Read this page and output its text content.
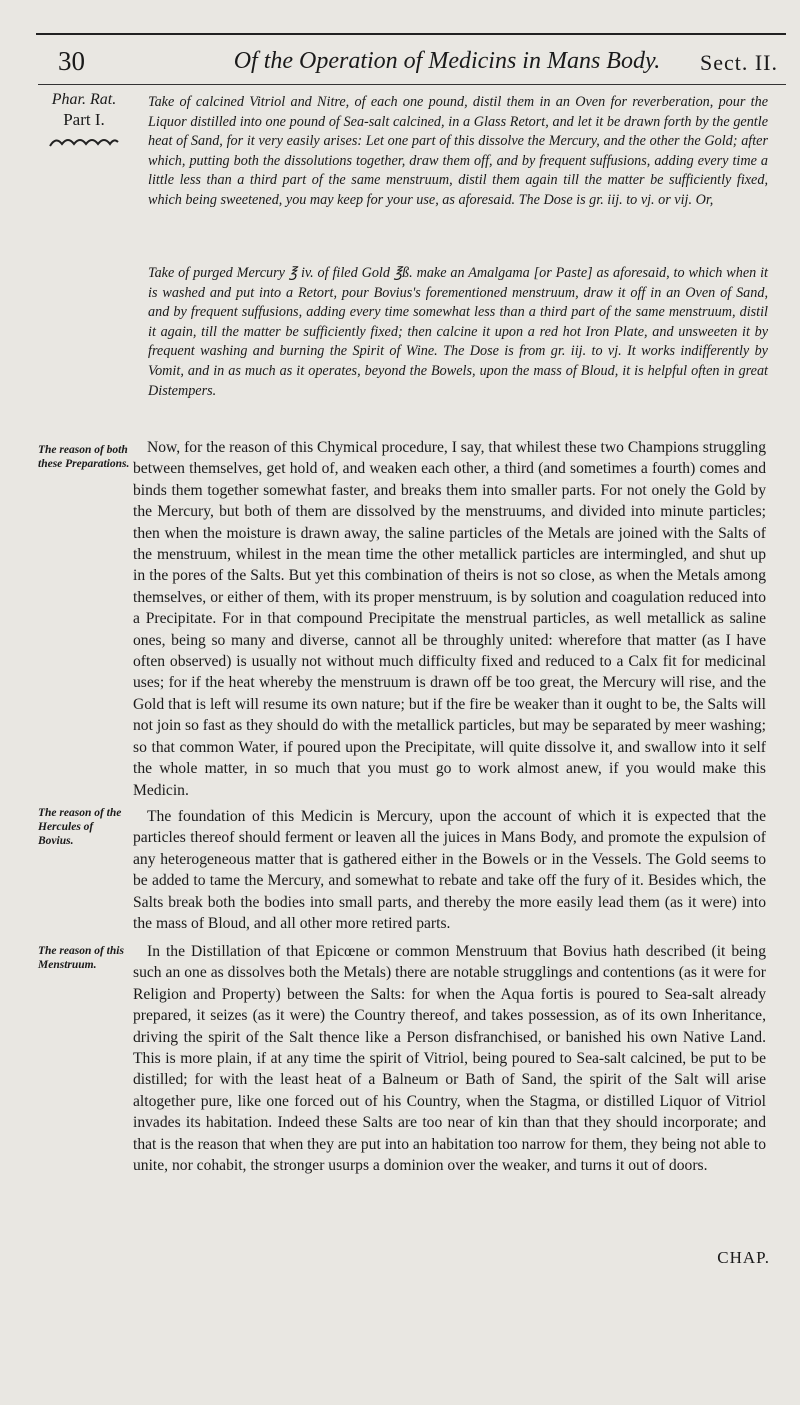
30	Of the Operation of Medicins in Mans Body.	Sect. II.
Phar. Rat.
Part I.

Take of calcined Vitriol and Nitre, of each one pound, distil them in an Oven for reverberation, pour the Liquor distilled into one pound of Sea-salt calcined, in a Glass Retort, and let it be drawn forth by the gentle heat of Sand, for it very easily arises: Let one part of this dissolve the Mercury, and the other the Gold; after which, putting both the dissolutions together, draw them off, and by frequent suffusions, adding every time a little less than a third part of the same menstruum, distil them again till the matter be sufficiently fixed, which being sweetened, you may keep for your use, as aforesaid. The Dose is gr. iij. to vj. or vij. Or,

Take of purged Mercury ℥ iv. of filed Gold ℥ß. make an Amalgama [or Paste] as aforesaid, to which when it is washed and put into a Retort, pour Bovius's forementioned menstruum, draw it off in an Oven of Sand, and by frequent suffusions, adding every time somewhat less than a third part of the same menstruum, distil it again, till the matter be sufficiently fixed; then calcine it upon a red hot Iron Plate, and unsweeten it by frequent washing and burning the Spirit of Wine. The Dose is from gr. iij. to vj. It works indifferently by Vomit, and in as much as it operates, beyond the Bowels, upon the mass of Bloud, it is helpful often in great Distempers.

The reason of both these Preparations.
The reason of the Hercules of Bovius.
The reason of this Menstruum.

Now, for the reason of this Chymical procedure, I say, that whilest these two Champions struggling between themselves, get hold of, and weaken each other, a third (and sometimes a fourth) comes and binds them together somewhat faster, and breaks them into smaller parts. For not onely the Gold by the Mercury, but both of them are dissolved by the menstruums, and divided into minute particles; then when the moisture is drawn away, the saline particles of the Metals are joined with the Salts of the menstruum, whilest in the mean time the other metallick particles are intermingled, and shut up in the pores of the Salts. But yet this combination of theirs is not so close, as when the Metals among themselves, or either of them, with its proper menstruum, is by solution and coagulation reduced into a Precipitate. For in that compound Precipitate the menstrual particles, as well metallick as saline ones, being so many and diverse, cannot all be throughly united: wherefore that matter (as I have often observed) is usually not without much difficulty fixed and reduced to a Calx fit for medicinal uses; for if the heat whereby the menstruum is drawn off be too great, the Mercury will rise, and the Gold that is left will resume its own nature; but if the fire be weaker than it ought to be, the Salts will not join so fast as they should do with the metallick particles, but may be separated by meer washing; so that common Water, if poured upon the Precipitate, will quite dissolve it, and swallow into it self the whole matter, in so much that you must go to work almost anew, if you would make this Medicin.

The foundation of this Medicin is Mercury, upon the account of which it is expected that the particles thereof should ferment or leaven all the juices in Mans Body, and promote the expulsion of any heterogeneous matter that is gathered either in the Bowels or in the Vessels. The Gold seems to be added to tame the Mercury, and somewhat to rebate and take off the fury of it. Besides which, the Salts break both the bodies into small parts, and thereby the more easily lead them (as it were) into the mass of Bloud, and all other more retired parts.

In the Distillation of that Epicœne or common Menstruum that Bovius hath described (it being such an one as dissolves both the Metals) there are notable strugglings and contentions (as it were for Religion and Property) between the Salts: for when the Aqua fortis is poured to Sea-salt already prepared, it seizes (as it were) the Country thereof, and takes possession, as of its own Inheritance, driving the spirit of the Salt thence like a Person disfranchised, or banished his own Native Land. This is more plain, if at any time the spirit of Vitriol, being poured to Sea-salt calcined, be put to be distilled; for with the least heat of a Balneum or Bath of Sand, the spirit of the Salt will arise altogether pure, like one forced out of his Country, when the Stagma, or distilled Liquor of Vitriol invades its habitation. Indeed these Salts are too near of kin than that they should incorporate; and that is the reason that when they are put into an habitation too narrow for them, they being not able to unite, nor cohabit, the stronger usurps a dominion over the weaker, and turns it out of doors.

CHAP.
